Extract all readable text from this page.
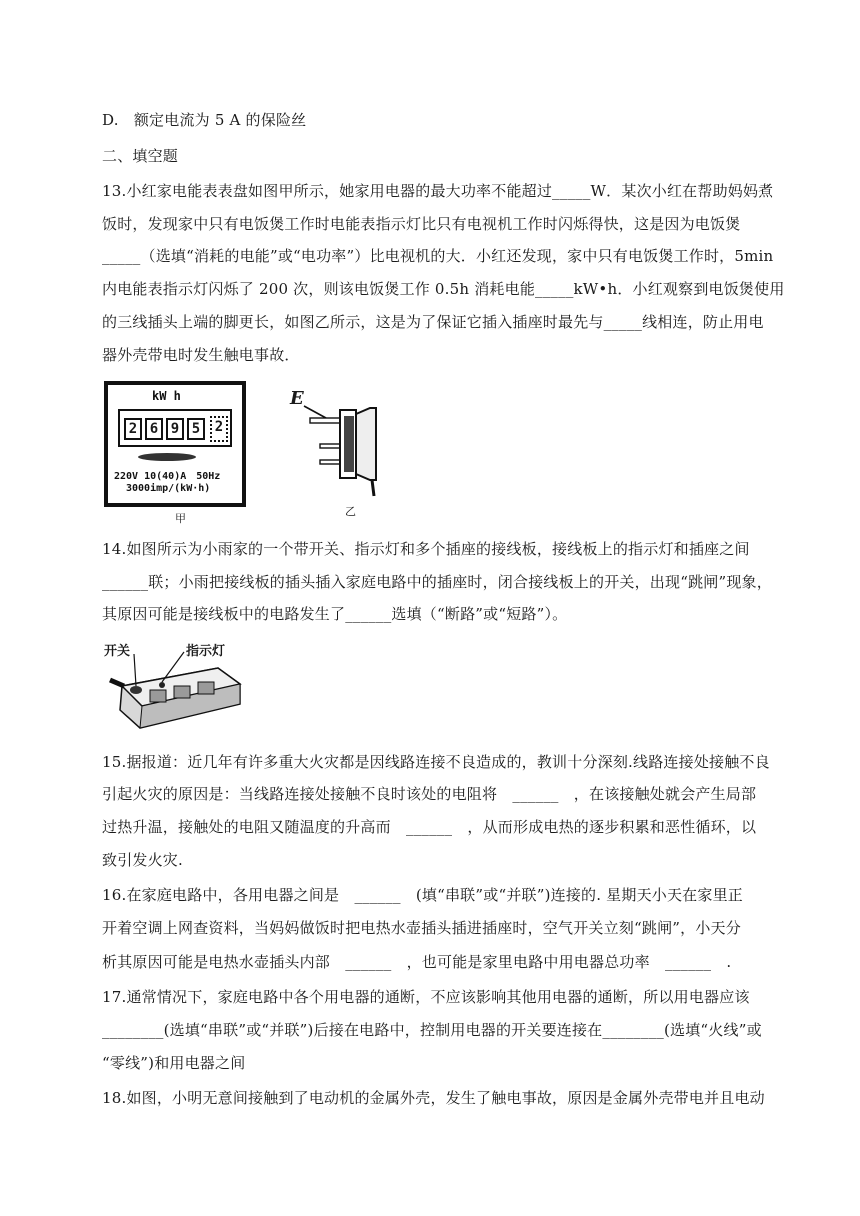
D.　额定电流为 5 A 的保险丝
二、填空题
13.小红家电能表表盘如图甲所示，她家用电器的最大功率不能超过_____W．某次小红在帮助妈妈煮
饭时，发现家中只有电饭煲工作时电能表指示灯比只有电视机工作时闪烁得快，这是因为电饭煲
_____（选填“消耗的电能”或“电功率”）比电视机的大．小红还发现，家中只有电饭煲工作时，5min
内电能表指示灯闪烁了 200 次，则该电饭煲工作 0.5h 消耗电能_____kW•h．小红观察到电饭煲使用
的三线插头上端的脚更长，如图乙所示，这是为了保证它插入插座时最先与_____线相连，防止用电
器外壳带电时发生触电事故．
kW h
2 6 9 5	2
220V 10(40)A　50Hz
3000imp/(kW·h)
甲
E
乙
14.如图所示为小雨家的一个带开关、指示灯和多个插座的接线板，接线板上的指示灯和插座之间
______联；小雨把接线板的插头插入家庭电路中的插座时，闭合接线板上的开关，出现“跳闸”现象，
其原因可能是接线板中的电路发生了______选填（“断路”或“短路”）。
开关	指示灯
15.据报道：近几年有许多重大火灾都是因线路连接不良造成的，教训十分深刻.线路连接处接触不良
引起火灾的原因是：当线路连接处接触不良时该处的电阻将　______　，在该接触处就会产生局部
过热升温，接触处的电阻又随温度的升高而　______　，从而形成电热的逐步积累和恶性循环，以
致引发火灾.
16.在家庭电路中，各用电器之间是　______　(填“串联”或“并联”)连接的. 星期天小天在家里正
开着空调上网查资料，当妈妈做饭时把电热水壶插头插进插座时，空气开关立刻“跳闸”，小天分
析其原因可能是电热水壶插头内部　______　，也可能是家里电路中用电器总功率　______　.
17.通常情况下，家庭电路中各个用电器的通断，不应该影响其他用电器的通断，所以用电器应该
________(选填“串联”或“并联”)后接在电路中，控制用电器的开关要连接在________(选填“火线”或
“零线”)和用电器之间
18.如图，小明无意间接触到了电动机的金属外壳，发生了触电事故，原因是金属外壳带电并且电动
